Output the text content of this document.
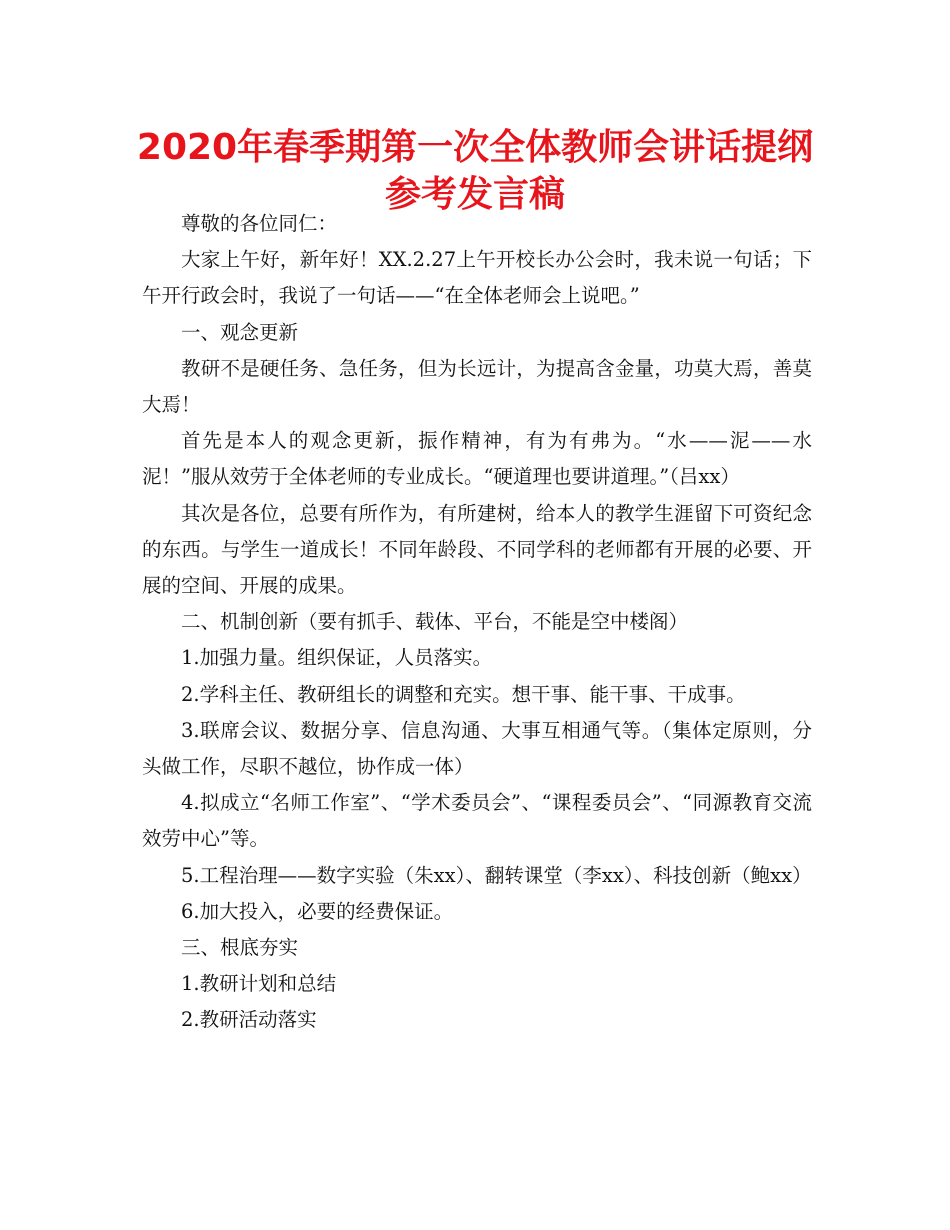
2020年春季期第一次全体教师会讲话提纲
参考发言稿

尊敬的各位同仁：

大家上午好，新年好！XX.2.27上午开校长办公会时，我未说一句话；下午开行政会时，我说了一句话——“在全体老师会上说吧。”

一、观念更新

教研不是硬任务、急任务，但为长远计，为提高含金量，功莫大焉，善莫大焉！

首先是本人的观念更新，振作精神，有为有弗为。“水——泥——水泥！”服从效劳于全体老师的专业成长。“硬道理也要讲道理。”（吕xx）

其次是各位，总要有所作为，有所建树，给本人的教学生涯留下可资纪念的东西。与学生一道成长！不同年龄段、不同学科的老师都有开展的必要、开展的空间、开展的成果。

二、机制创新（要有抓手、载体、平台，不能是空中楼阁）

1.加强力量。组织保证，人员落实。

2.学科主任、教研组长的调整和充实。想干事、能干事、干成事。

3.联席会议、数据分享、信息沟通、大事互相通气等。（集体定原则，分头做工作，尽职不越位，协作成一体）

4.拟成立“名师工作室”、“学术委员会”、“课程委员会”、“同源教育交流效劳中心”等。

5.工程治理——数字实验（朱xx）、翻转课堂（李xx）、科技创新（鲍xx）

6.加大投入，必要的经费保证。

三、根底夯实

1.教研计划和总结

2.教研活动落实
